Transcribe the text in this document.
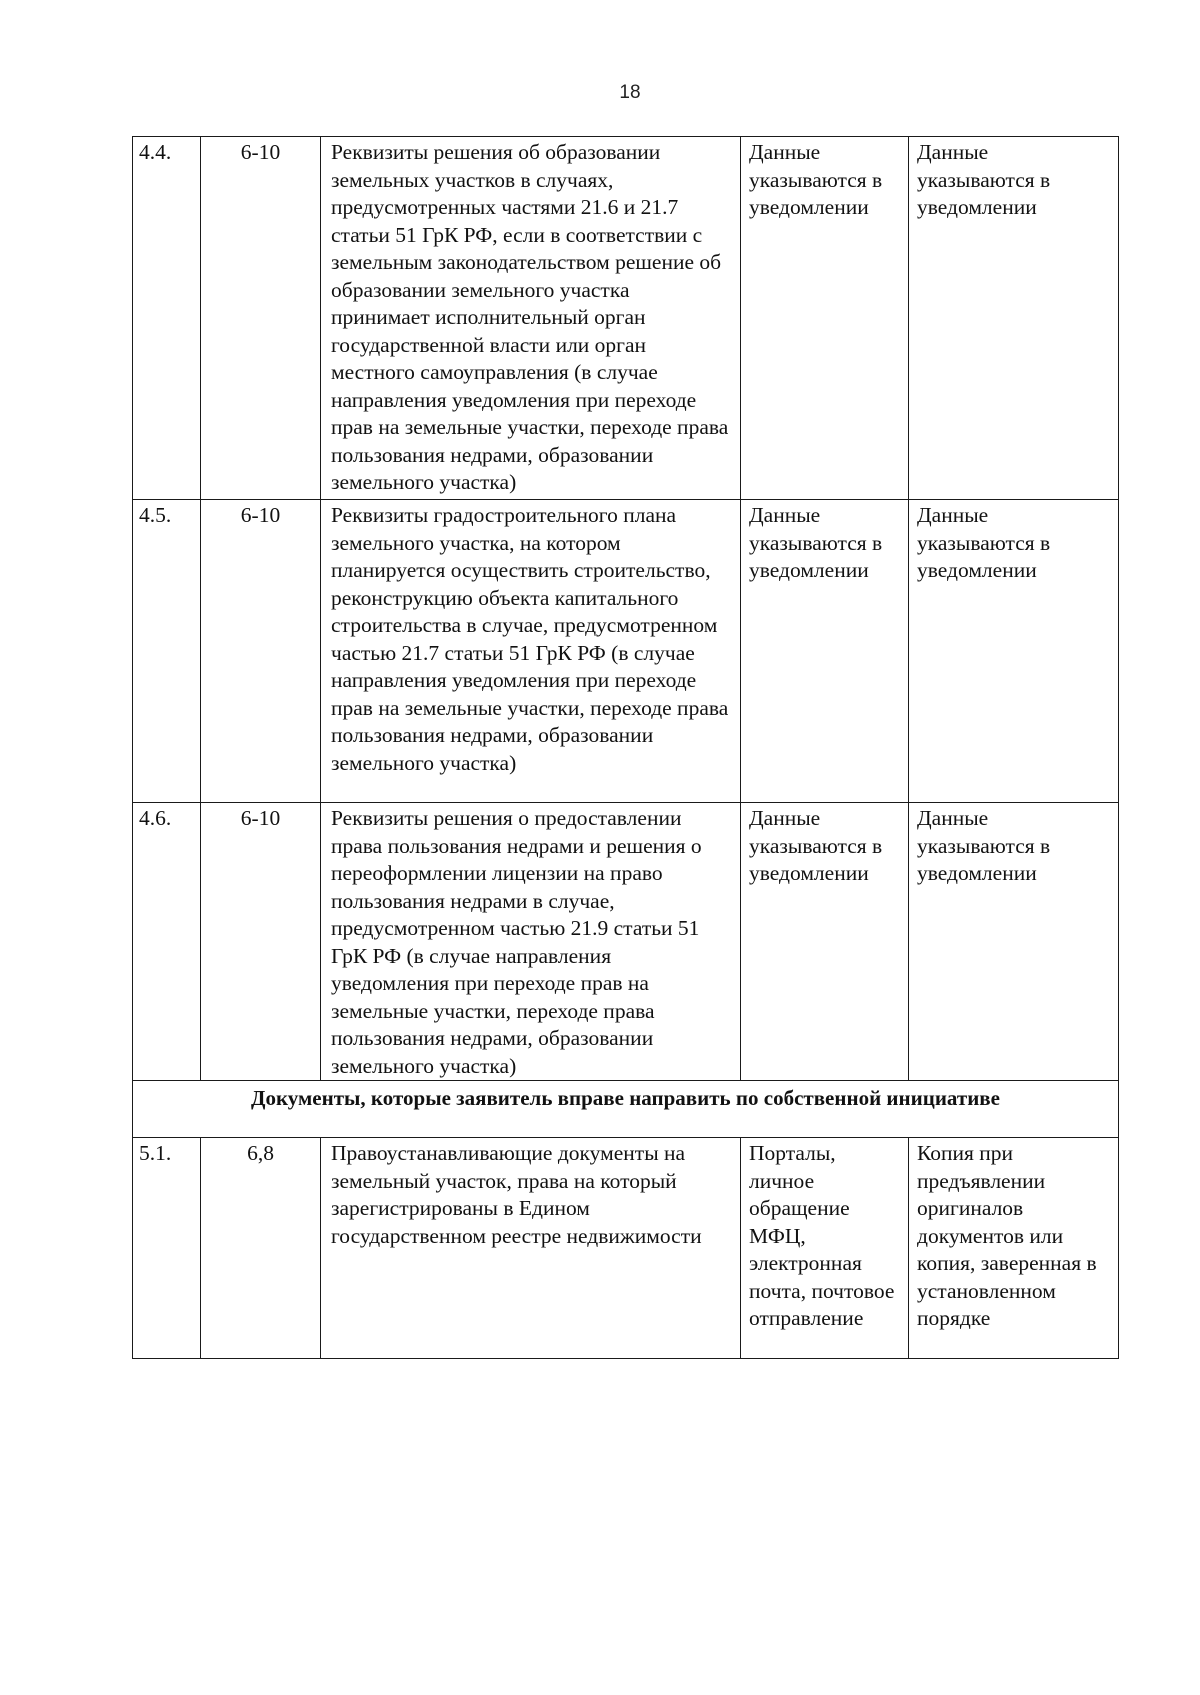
18
4.4.	6-10	Реквизиты решения об образовании земельных участков в случаях, предусмотренных частями 21.6 и 21.7 статьи 51 ГрК РФ, если в соответствии с земельным законодательством решение об образовании земельного участка принимает исполнительный орган государственной власти или орган местного самоуправления (в случае направления уведомления при переходе прав на земельные участки, переходе права пользования недрами, образовании земельного участка)	Данные указываются в уведомлении	Данные указываются в уведомлении
4.5.	6-10	Реквизиты градостроительного плана земельного участка, на котором планируется осуществить строительство, реконструкцию объекта капитального строительства в случае, предусмотренном частью 21.7 статьи 51 ГрК РФ (в случае направления уведомления при переходе прав на земельные участки, переходе права пользования недрами, образовании земельного участка)	Данные указываются в уведомлении	Данные указываются в уведомлении
4.6.	6-10	Реквизиты решения о предоставлении права пользования недрами и решения о переоформлении лицензии на право пользования недрами в случае, предусмотренном частью 21.9 статьи 51 ГрК РФ (в случае направления уведомления при переходе прав на земельные участки, переходе права пользования недрами, образовании земельного участка)	Данные указываются в уведомлении	Данные указываются в уведомлении
Документы, которые заявитель вправе направить по собственной инициативе				
5.1.	6,8	Правоустанавливающие документы на земельный участок, права на который зарегистрированы в Едином государственном реестре недвижимости	Порталы, личное обращение МФЦ, электронная почта, почтовое отправление	Копия при предъявлении оригиналов документов или копия, заверенная в установленном порядке
